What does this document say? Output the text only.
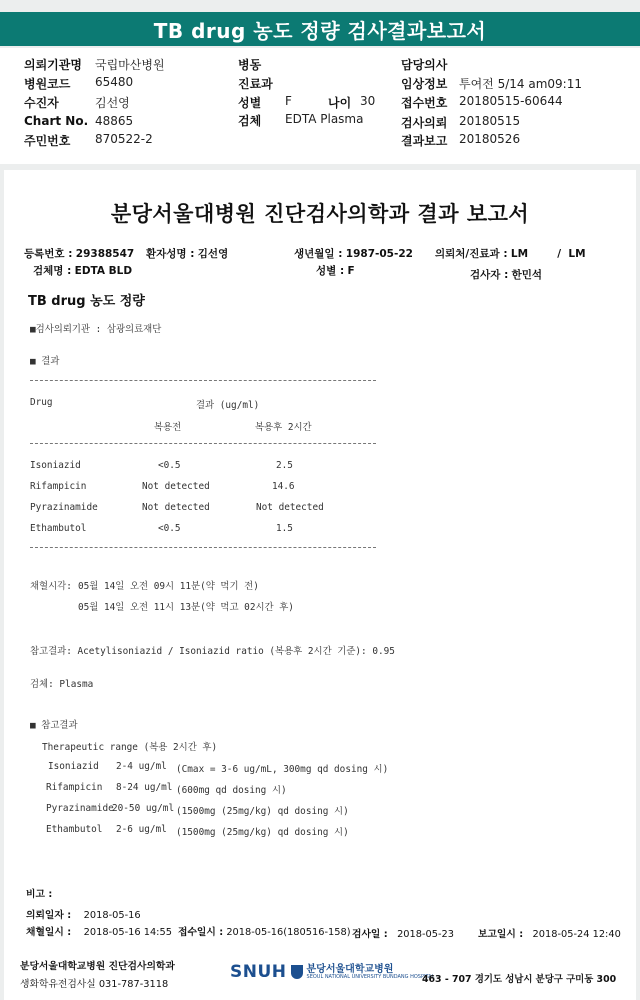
TB drug 농도 정량 검사결과보고서
의뢰기관명 국립마산병원
병원코드 65480
수진자	김선영
Chart No. 48865
주민번호 870522-2
병동
진료과
성별 F	나이 30
검체 EDTA Plasma
담당의사
임상정보 투여전 5/14 am09:11
접수번호 20180515-60644
검사의뢰 20180515
결과보고 20180526
분당서울대병원 진단검사의학과 결과 보고서
등록번호 : 29388547 환자성명 : 김선영	생년월일 : 1987-05-22 의뢰처/진료과 : LM        /  LM
검체명 : EDTA BLD	성별 : F	검사자 : 한민석
TB drug 농도 정량
■검사의뢰기관 : 삼광의료재단
■ 결과
Drug	결과 (ug/ml)
복용전	복용후 2시간
Isoniazid	<0.5	2.5
Rifampicin	Not detected	14.6
Pyrazinamide	Not detected	Not detected
Ethambutol	<0.5	1.5
채혈시각: 05월 14일 오전 09시 11분(약 먹기 전)
05월 14일 오전 11시 13분(약 먹고 02시간 후)
참고결과: Acetylisoniazid / Isoniazid ratio (복용후 2시간 기준): 0.95
검체: Plasma
■ 참고결과
Therapeutic range (복용 2시간 후)
Isoniazid 2-4 ug/ml (Cmax = 3-6 ug/mL, 300mg qd dosing 시)
Rifampicin 8-24 ug/ml (600mg qd dosing 시)
Pyrazinamide
20-50 ug/ml (1500mg (25mg/kg) qd dosing 시)
Ethambutol 2-6 ug/ml (1500mg (25mg/kg) qd dosing 시)
비고 :
의뢰일자 : 2018-05-16
채혈일시 : 2018-05-16 14:55 접수일시 : 2018-05-16(180516-158) 검사일 : 2018-05-23 보고일시 : 2018-05-24 12:40
분당서울대학교병원 진단검사의학과
생화학유전검사실 031-787-3118
SNUH 분당서울대학교병원
SEOUL NATIONAL UNIVERSITY BUNDANG HOSPITAL
463 - 707 경기도 성남시 분당구 구미동 300
